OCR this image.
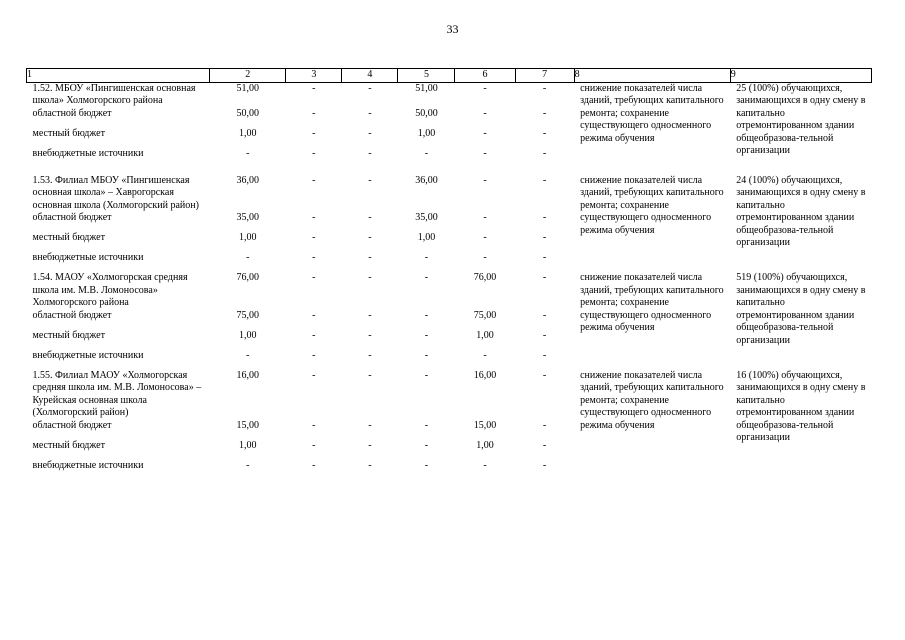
33
1	2	3	4	5	6	7	8	9
1.52. МБОУ «Пингишенская основная школа» Холмогорского района	51,00	-	-	51,00	-	-	снижение показателей числа зданий, требующих капитального ремонта; сохранение существующего односменного режима обучения	25 (100%) обучающихся, занимающихся в одну смену в капитально отремонтированном здании общеобразова-тельной организации
областной бюджет	50,00	-	-	50,00	-	-		
местный бюджет	1,00	-	-	1,00	-	-		
внебюджетные источники	-	-	-	-	-	-		
1.53. Филиал МБОУ «Пингишенская основная школа» – Хаврогорская основная школа (Холмогорский район)	36,00	-	-	36,00	-	-	снижение показателей числа зданий, требующих капитального ремонта; сохранение существующего односменного режима обучения	24 (100%) обучающихся, занимающихся в одну смену в капитально отремонтированном здании общеобразова-тельной организации
областной бюджет	35,00	-	-	35,00	-	-		
местный бюджет	1,00	-	-	1,00	-	-		
внебюджетные источники	-	-	-	-	-	-		
1.54. МАОУ «Холмогорская средняя школа им. М.В. Ломоносова» Холмогорского района	76,00	-	-	-	76,00	-	снижение показателей числа зданий, требующих капитального ремонта; сохранение существующего односменного режима обучения	519 (100%) обучающихся, занимающихся в одну смену в капитально отремонтированном здании общеобразова-тельной организации
областной бюджет	75,00	-	-	-	75,00	-		
местный бюджет	1,00	-	-	-	1,00	-		
внебюджетные источники	-	-	-	-	-	-		
1.55. Филиал МАОУ «Холмогорская средняя школа им. М.В. Ломоносова» – Курейская основная школа (Холмогорский район)	16,00	-	-	-	16,00	-	снижение показателей числа зданий, требующих капитального ремонта; сохранение существующего односменного режима обучения	16 (100%) обучающихся, занимающихся в одну смену в капитально отремонтированном здании общеобразова-тельной организации
областной бюджет	15,00	-	-	-	15,00	-		
местный бюджет	1,00	-	-	-	1,00	-		
внебюджетные источники	-	-	-	-	-	-		
